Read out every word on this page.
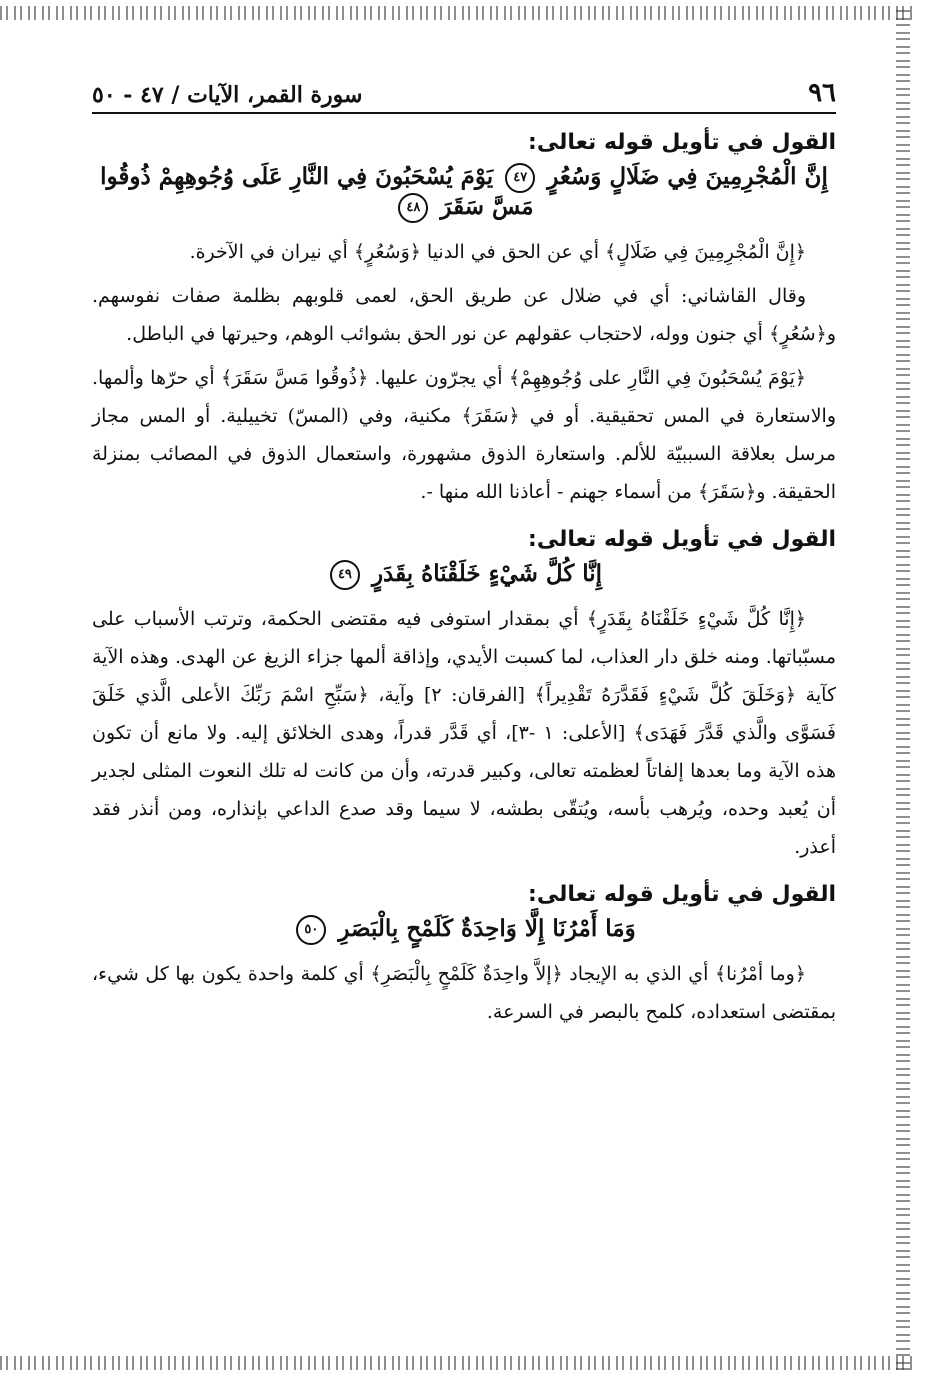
٩٦
سورة القمر، الآيات / ٤٧ - ٥٠
القول في تأويل قوله تعالى:
إِنَّ الْمُجْرِمِينَ فِي ضَلَالٍ وَسُعُرٍ ٤٧ يَوْمَ يُسْحَبُونَ فِي النَّارِ عَلَى وُجُوهِهِمْ ذُوقُوا مَسَّ سَقَرَ ٤٨

﴿إِنَّ الْمُجْرِمِينَ فِي ضَلَالٍ﴾ أي عن الحق في الدنيا ﴿وَسُعُرٍ﴾ أي نيران في الآخرة.

وقال القاشاني: أي في ضلال عن طريق الحق، لعمى قلوبهم بظلمة صفات نفوسهم. و﴿سُعُرٍ﴾ أي جنون ووله، لاحتجاب عقولهم عن نور الحق بشوائب الوهم، وحيرتها في الباطل.

﴿يَوْمَ يُسْحَبُونَ فِي النَّارِ على وُجُوهِهِمْ﴾ أي يجرّون عليها. ﴿ذُوقُوا مَسَّ سَقَرَ﴾ أي حرّها وألمها. والاستعارة في المس تحقيقية. أو في ﴿سَقَرَ﴾ مكنية، وفي (المسّ) تخييلية. أو المس مجاز مرسل بعلاقة السببيّة للألم. واستعارة الذوق مشهورة، واستعمال الذوق في المصائب بمنزلة الحقيقة. و﴿سَقَرَ﴾ من أسماء جهنم - أعاذنا الله منها -.

القول في تأويل قوله تعالى:
إِنَّا كُلَّ شَيْءٍ خَلَقْنَاهُ بِقَدَرٍ ٤٩

﴿إِنَّا كُلَّ شَيْءٍ خَلَقْنَاهُ بِقَدَرٍ﴾ أي بمقدار استوفى فيه مقتضى الحكمة، وترتب الأسباب على مسبّباتها. ومنه خلق دار العذاب، لما كسبت الأيدي، وإذاقة ألمها جزاء الزيغ عن الهدى. وهذه الآية كآية ﴿وَخَلَقَ كُلَّ شَيْءٍ فَقَدَّرَهُ تَقْدِيراً﴾ [الفرقان: ٢] وآية، ﴿سَبِّحِ اسْمَ رَبِّكَ الأعلى الَّذي خَلَقَ فَسَوَّى والَّذي قَدَّرَ فَهَدَى﴾ [الأعلى: ١ -٣]، أي قَدَّر قدراً، وهدى الخلائق إليه. ولا مانع أن تكون هذه الآية وما بعدها إلفاتاً لعظمته تعالى، وكبير قدرته، وأن من كانت له تلك النعوت المثلى لجدير أن يُعبد وحده، ويُرهب بأسه، ويُتقّى بطشه، لا سيما وقد صدع الداعي بإنذاره، ومن أنذر فقد أعذر.

القول في تأويل قوله تعالى:
وَمَا أَمْرُنَا إِلَّا وَاحِدَةٌ كَلَمْحٍ بِالْبَصَرِ ٥٠

﴿وما أمْرُنا﴾ أي الذي به الإيجاد ﴿إلاَّ واحِدَةٌ كَلَمْحٍ بِالْبَصَرِ﴾ أي كلمة واحدة يكون بها كل شيء، بمقتضى استعداده، كلمح بالبصر في السرعة.
